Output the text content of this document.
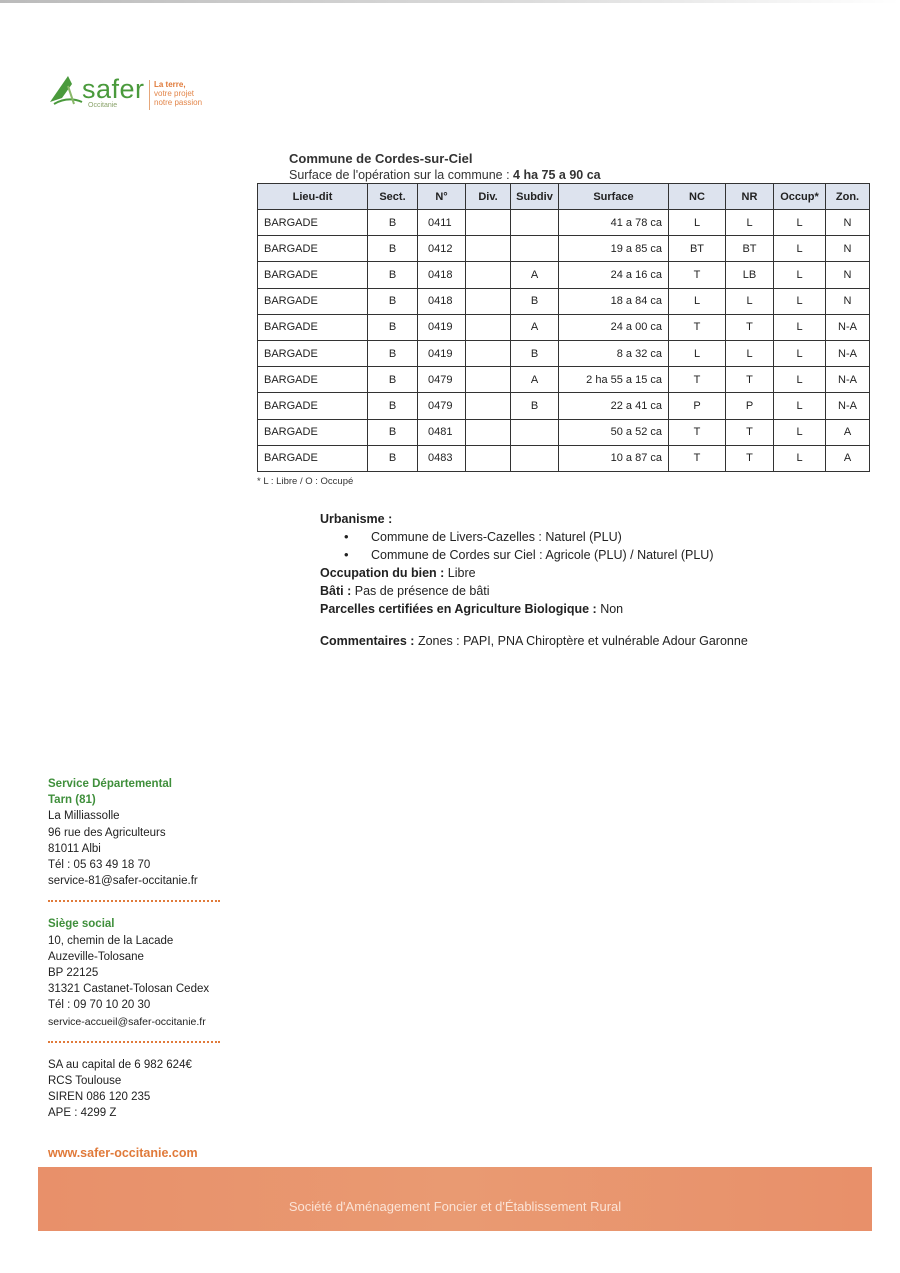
safer
Occitanie
La terre,
votre projet
notre passion
Commune de Cordes-sur-Ciel
Surface de l'opération sur la commune : 4 ha 75 a 90 ca
Lieu-dit	Sect.	N°	Div.	Subdiv	Surface	NC	NR	Occup*	Zon.
BARGADE	B	0411			41 a 78 ca	L	L	L	N
BARGADE	B	0412			19 a 85 ca	BT	BT	L	N
BARGADE	B	0418		A	24 a 16 ca	T	LB	L	N
BARGADE	B	0418		B	18 a 84 ca	L	L	L	N
BARGADE	B	0419		A	24 a 00 ca	T	T	L	N-A
BARGADE	B	0419		B	8 a 32 ca	L	L	L	N-A
BARGADE	B	0479		A	2 ha 55 a 15 ca	T	T	L	N-A
BARGADE	B	0479		B	22 a 41 ca	P	P	L	N-A
BARGADE	B	0481			50 a 52 ca	T	T	L	A
BARGADE	B	0483			10 a 87 ca	T	T	L	A
* L : Libre / O : Occupé
Urbanisme :
• Commune de Livers-Cazelles : Naturel (PLU)
• Commune de Cordes sur Ciel : Agricole (PLU) / Naturel (PLU)
Occupation du bien : Libre
Bâti : Pas de présence de bâti
Parcelles certifiées en Agriculture Biologique : Non
Commentaires : Zones : PAPI, PNA Chiroptère et vulnérable Adour Garonne
Service Départemental
Tarn (81)
La Milliassolle
96 rue des Agriculteurs
81011 Albi
Tél : 05 63 49 18 70
service-81@safer-occitanie.fr
Siège social
10, chemin de la Lacade
Auzeville-Tolosane
BP 22125
31321 Castanet-Tolosan Cedex
Tél : 09 70 10 20 30
service-accueil@safer-occitanie.fr
SA au capital de 6 982 624€
RCS Toulouse
SIREN 086 120 235
APE : 4299 Z
www.safer-occitanie.com
Société d'Aménagement Foncier et d'Établissement Rural
